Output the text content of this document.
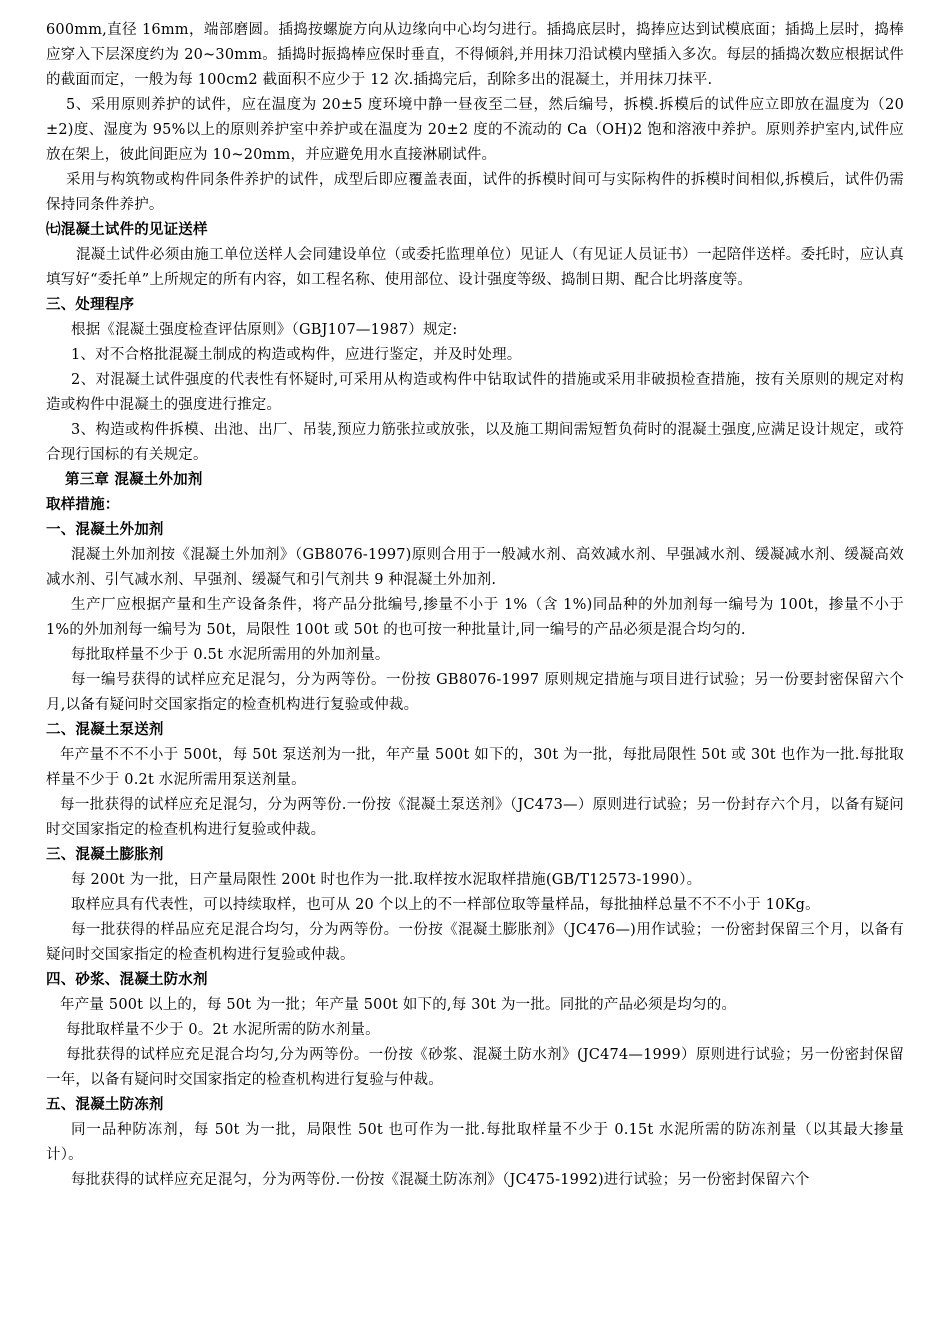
600mm,直径 16mm，端部磨圆。插捣按螺旋方向从边缘向中心均匀进行。插捣底层时，捣捧应达到试模底面；插捣上层时，捣棒应穿入下层深度约为 20~30mm。插捣时振捣棒应保时垂直，不得倾斜,并用抹刀沿试模内壁插入多次。每层的插捣次数应根据试件的截面而定，一般为每 100cm2 截面积不应少于 12 次.插捣完后，刮除多出的混凝土，并用抹刀抹平.

5、采用原则养护的试件，应在温度为 20±5 度环境中静一昼夜至二昼，然后编号，拆模.拆模后的试件应立即放在温度为（20±2)度、湿度为 95%以上的原则养护室中养护或在温度为 20±2 度的不流动的 Ca（OH)2 饱和溶液中养护。原则养护室内,试件应放在架上，彼此间距应为 10~20mm，并应避免用水直接淋刷试件。

采用与构筑物或构件同条件养护的试件，成型后即应覆盖表面，试件的拆模时间可与实际构件的拆模时间相似,拆模后，试件仍需保持同条件养护。

㈦混凝土试件的见证送样

混凝土试件必须由施工单位送样人会同建设单位（或委托监理单位）见证人（有见证人员证书）一起陪伴送样。委托时，应认真填写好“委托单”上所规定的所有内容，如工程名称、使用部位、设计强度等级、捣制日期、配合比坍落度等。

三、处理程序

根据《混凝土强度检查评估原则》（GBJ107—1987）规定:

1、对不合格批混凝土制成的构造或构件，应进行鉴定，并及时处理。

2、对混凝土试件强度的代表性有怀疑时,可采用从构造或构件中钻取试件的措施或采用非破损检查措施，按有关原则的规定对构造或构件中混凝土的强度进行推定。

3、构造或构件拆模、出池、出厂、吊装,预应力筋张拉或放张，以及施工期间需短暂负荷时的混凝土强度,应满足设计规定，或符合现行国标的有关规定。

第三章 混凝土外加剂

取样措施：

一、混凝土外加剂

混凝土外加剂按《混凝土外加剂》（GB8076-1997)原则合用于一般减水剂、高效减水剂、早强减水剂、缓凝减水剂、缓凝高效减水剂、引气减水剂、早强剂、缓凝气和引气剂共 9 种混凝土外加剂.

生产厂应根据产量和生产设备条件，将产品分批编号,掺量不小于 1%（含 1%)同品种的外加剂每一编号为 100t，掺量不小于 1%的外加剂每一编号为 50t，局限性 100t 或 50t 的也可按一种批量计,同一编号的产品必须是混合均匀的.

每批取样量不少于 0.5t 水泥所需用的外加剂量。

每一编号获得的试样应充足混匀，分为两等份。一份按 GB8076-1997 原则规定措施与项目进行试验；另一份要封密保留六个月,以备有疑问时交国家指定的检查机构进行复验或仲裁。

二、混凝土泵送剂

年产量不不不小于 500t，每 50t 泵送剂为一批，年产量 500t 如下的，30t 为一批，每批局限性 50t 或 30t 也作为一批.每批取样量不少于 0.2t 水泥所需用泵送剂量。

每一批获得的试样应充足混匀，分为两等份.一份按《混凝土泵送剂》（JC473—）原则进行试验；另一份封存六个月，以备有疑问时交国家指定的检查机构进行复验或仲裁。

三、混凝土膨胀剂

每 200t 为一批，日产量局限性 200t 时也作为一批.取样按水泥取样措施(GB/T12573-1990）。

取样应具有代表性，可以持续取样，也可从 20 个以上的不一样部位取等量样品，每批抽样总量不不不小于 10Kg。

每一批获得的样品应充足混合均匀，分为两等份。一份按《混凝土膨胀剂》（JC476—)用作试验；一份密封保留三个月，以备有疑问时交国家指定的检查机构进行复验或仲裁。

四、砂浆、混凝土防水剂

年产量 500t 以上的，每 50t 为一批；年产量 500t 如下的,每 30t 为一批。同批的产品必须是均匀的。

每批取样量不少于 0。2t 水泥所需的防水剂量。

每批获得的试样应充足混合均匀,分为两等份。一份按《砂浆、混凝土防水剂》(JC474—1999）原则进行试验；另一份密封保留一年，以备有疑问时交国家指定的检查机构进行复验与仲裁。

五、混凝土防冻剂

同一品种防冻剂，每 50t 为一批，局限性 50t 也可作为一批.每批取样量不少于 0.15t 水泥所需的防冻剂量（以其最大掺量计）。

每批获得的试样应充足混匀，分为两等份.一份按《混凝土防冻剂》（JC475-1992)进行试验；另一份密封保留六个
